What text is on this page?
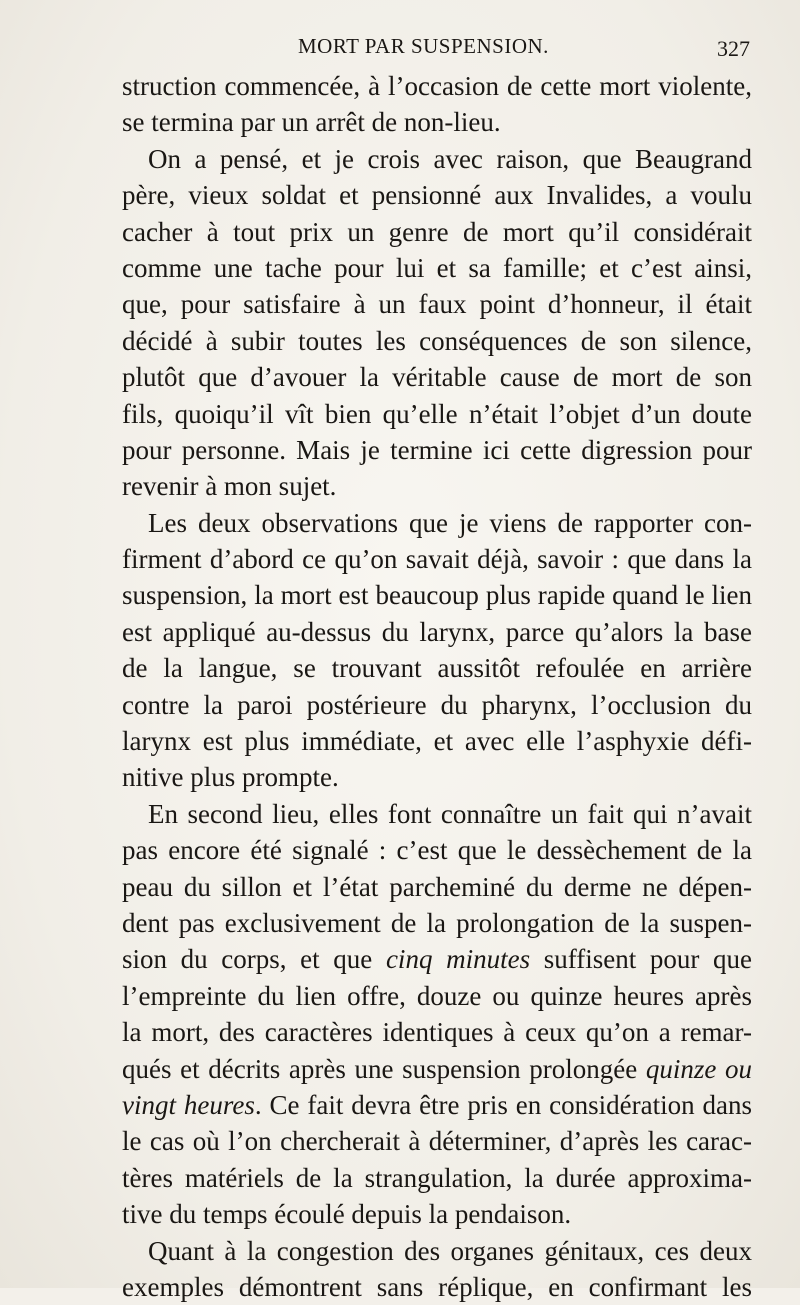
MORT PAR SUSPENSION.	327
struction commencée, à l’occasion de cette mort violente,
se termina par un arrêt de non-lieu.
On a pensé, et je crois avec raison, que Beaugrand
père, vieux soldat et pensionné aux Invalides, a voulu
cacher à tout prix un genre de mort qu’il considérait
comme une tache pour lui et sa famille; et c’est ainsi,
que, pour satisfaire à un faux point d’honneur, il était
décidé à subir toutes les conséquences de son silence,
plutôt que d’avouer la véritable cause de mort de son
fils, quoiqu’il vît bien qu’elle n’était l’objet d’un doute
pour personne. Mais je termine ici cette digression pour
revenir à mon sujet.
Les deux observations que je viens de rapporter con-
firment d’abord ce qu’on savait déjà, savoir : que dans la
suspension, la mort est beaucoup plus rapide quand le lien
est appliqué au-dessus du larynx, parce qu’alors la base
de la langue, se trouvant aussitôt refoulée en arrière
contre la paroi postérieure du pharynx, l’occlusion du
larynx est plus immédiate, et avec elle l’asphyxie défi-
nitive plus prompte.
En second lieu, elles font connaître un fait qui n’avait
pas encore été signalé : c’est que le dessèchement de la
peau du sillon et l’état parcheminé du derme ne dépen-
dent pas exclusivement de la prolongation de la suspen-
sion du corps, et que cinq minutes suffisent pour que
l’empreinte du lien offre, douze ou quinze heures après
la mort, des caractères identiques à ceux qu’on a remar-
qués et décrits après une suspension prolongée quinze ou
vingt heures. Ce fait devra être pris en considération dans
le cas où l’on chercherait à déterminer, d’après les carac-
tères matériels de la strangulation, la durée approxima-
tive du temps écoulé depuis la pendaison.
Quant à la congestion des organes génitaux, ces deux
exemples démontrent sans réplique, en confirmant les
